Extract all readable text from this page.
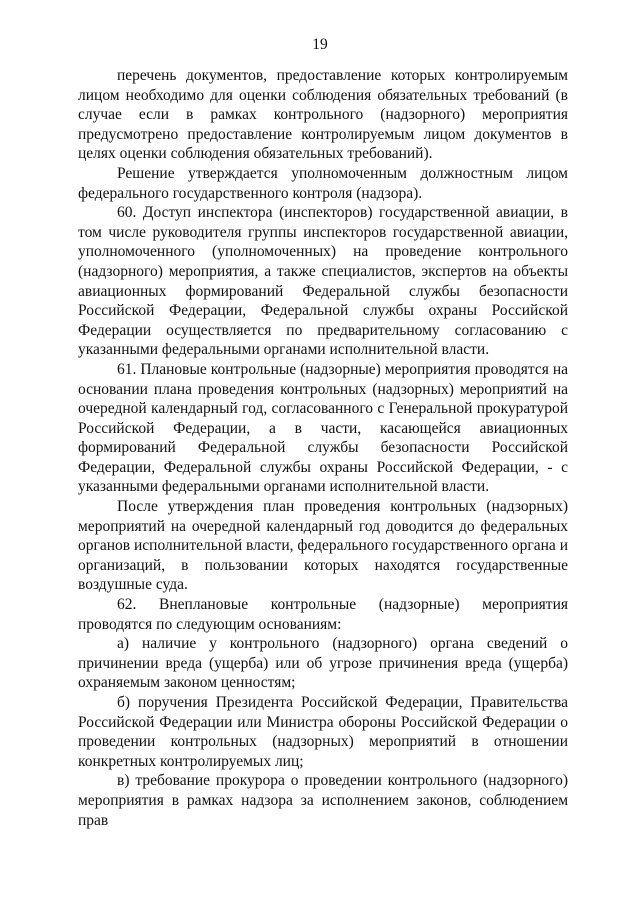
19

перечень документов, предоставление которых контролируемым лицом необходимо для оценки соблюдения обязательных требований (в случае если в рамках контрольного (надзорного) мероприятия предусмотрено предоставление контролируемым лицом документов в целях оценки соблюдения обязательных требований).

Решение утверждается уполномоченным должностным лицом федерального государственного контроля (надзора).

60. Доступ инспектора (инспекторов) государственной авиации, в том числе руководителя группы инспекторов государственной авиации, уполномоченного (уполномоченных) на проведение контрольного (надзорного) мероприятия, а также специалистов, экспертов на объекты авиационных формирований Федеральной службы безопасности Российской Федерации, Федеральной службы охраны Российской Федерации осуществляется по предварительному согласованию с указанными федеральными органами исполнительной власти.

61. Плановые контрольные (надзорные) мероприятия проводятся на основании плана проведения контрольных (надзорных) мероприятий на очередной календарный год, согласованного с Генеральной прокуратурой Российской Федерации, а в части, касающейся авиационных формирований Федеральной службы безопасности Российской Федерации, Федеральной службы охраны Российской Федерации, - с указанными федеральными органами исполнительной власти.

После утверждения план проведения контрольных (надзорных) мероприятий на очередной календарный год доводится до федеральных органов исполнительной власти, федерального государственного органа и организаций, в пользовании которых находятся государственные воздушные суда.

62. Внеплановые контрольные (надзорные) мероприятия проводятся по следующим основаниям:

а) наличие у контрольного (надзорного) органа сведений о причинении вреда (ущерба) или об угрозе причинения вреда (ущерба) охраняемым законом ценностям;

б) поручения Президента Российской Федерации, Правительства Российской Федерации или Министра обороны Российской Федерации о проведении контрольных (надзорных) мероприятий в отношении конкретных контролируемых лиц;

в) требование прокурора о проведении контрольного (надзорного) мероприятия в рамках надзора за исполнением законов, соблюдением прав
